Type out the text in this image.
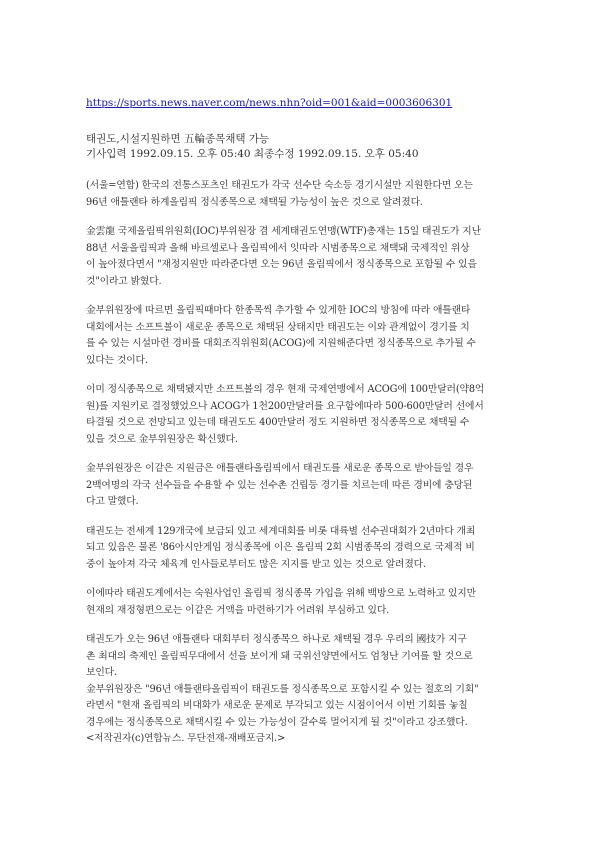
https://sports.news.naver.com/news.nhn?oid=001&aid=0003606301
태권도,시설지원하면 五輪종목채택 가능
기사입력 1992.09.15. 오후 05:40 최종수정 1992.09.15. 오후 05:40

(서울=연합) 한국의 전통스포츠인 태권도가 각국 선수단 숙소등 경기시설만 지원한다면 오는
96년 애틀랜타 하계올림픽 정식종목으로 채택될 가능성이 높은 것으로 알려졌다.

金雲龍 국제올림픽위원회(IOC)부위원장 겸 세계태권도연맹(WTF)총재는 15일 태권도가 지난
88년 서울올림픽과 올해 바르셀로나 올림픽에서 잇따라 시범종목으로 채택돼 국제적인 위상
이 높아졌다면서 "재정지원만 따라준다면 오는 96년 올림픽에서 정식종목으로 포함될 수 있을
것"이라고 밝혔다.

金부위원장에 따르면 올림픽때마다 한종목씩 추가할 수 있게한 IOC의 방침에 따라 애틀랜타
대회에서는 소프트볼이 새로운 종목으로 채택된 상태지만 태권도는 이와 관계없이 경기를 치
를 수 있는 시설마련 경비를 대회조직위원회(ACOG)에 지원해준다면 정식종목으로 추가될 수
있다는 것이다.

이미 정식종목으로 채택됐지만 소프트볼의 경우 현재 국제연맹에서 ACOG에 100만달러(약8억
원)를 지원키로 결정했었으나 ACOG가 1천200만달러를 요구함에따라 500-600만달러 선에서
타결될 것으로 전망되고 있는데 태권도도 400만달러 정도 지원하면 정식종목으로 채택될 수
있을 것으로 金부위원장은 확신했다.

金부위원장은 이같은 지원금은 애틀랜타올림픽에서 태권도를 새로운 종목으로 받아들일 경우
2백여명의 각국 선수들을 수용할 수 있는 선수촌 건립등 경기를 치르는데 따른 경비에 충당된
다고 말했다.

태권도는 전세계 129개국에 보급되 있고 세계대회를 비롯 대륙별 선수권대회가 2년마다 개최
되고 있음은 물론 '86아시안게임 정식종목에 이은 올림픽 2회 시범종목의 경력으로 국제적 비
중이 높아져 각국 체육계 인사들로부터도 많은 지지를 받고 있는 것으로 알려졌다.

이에따라 태권도계에서는 숙원사업인 올림픽 정식종목 가입을 위해 백방으로 노력하고 있지만
현재의 재정형편으로는 이같은 거액을 마련하기가 어려워 부심하고 있다.

태권도가 오는 96년 애틀랜타 대회부터 정식종목으 하나로 채택될 경우 우리의 國技가 지구
촌 최대의 축제인 올림픽무대에서 선을 보이게 돼 국위선양면에서도 엄청난 기여를 할 것으로
보인다.

金부위원장은 "96년 애틀랜타올림픽이 태권도를 정식종목으로 포함시킬 수 있는 절호의 기회"
라면서 "현재 올림픽의 비대화가 새로운 문제로 부각되고 있는 시점이어서 이번 기회를 놓칠
경우에는 정식종목으로 채택시킬 수 있는 가능성이 갈수록 멀어지게 될 것"이라고 강조했다.
<저작권자(c)연합뉴스. 무단전재-재배포금지.>
